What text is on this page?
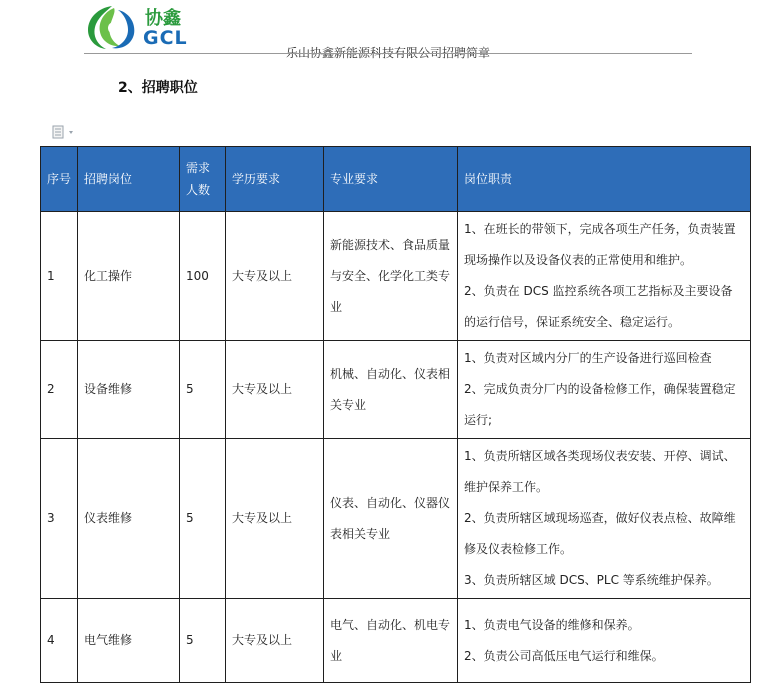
协鑫
GCL
乐山协鑫新能源科技有限公司招聘简章
2、招聘职位
序号	招聘岗位	需求人数	学历要求	专业要求	岗位职责
1	化工操作	100	大专及以上	新能源技术、食品质量与安全、化学化工类专业	1、在班长的带领下，完成各项生产任务，负责装置现场操作以及设备仪表的正常使用和维护。
2、负责在 DCS 监控系统各项工艺指标及主要设备的运行信号，保证系统安全、稳定运行。

2	设备维修	5	大专及以上	机械、自动化、仪表相关专业	1、负责对区域内分厂的生产设备进行巡回检查
2、完成负责分厂内的设备检修工作，确保装置稳定运行;

3	仪表维修	5	大专及以上	仪表、自动化、仪器仪表相关专业	1、负责所辖区域各类现场仪表安装、开停、调试、维护保养工作。
2、负责所辖区域现场巡查，做好仪表点检、故障维修及仪表检修工作。
3、负责所辖区域 DCS、PLC 等系统维护保养。

4	电气维修	5	大专及以上	电气、自动化、机电专业	1、负责电气设备的维修和保养。
2、负责公司高低压电气运行和维保。
